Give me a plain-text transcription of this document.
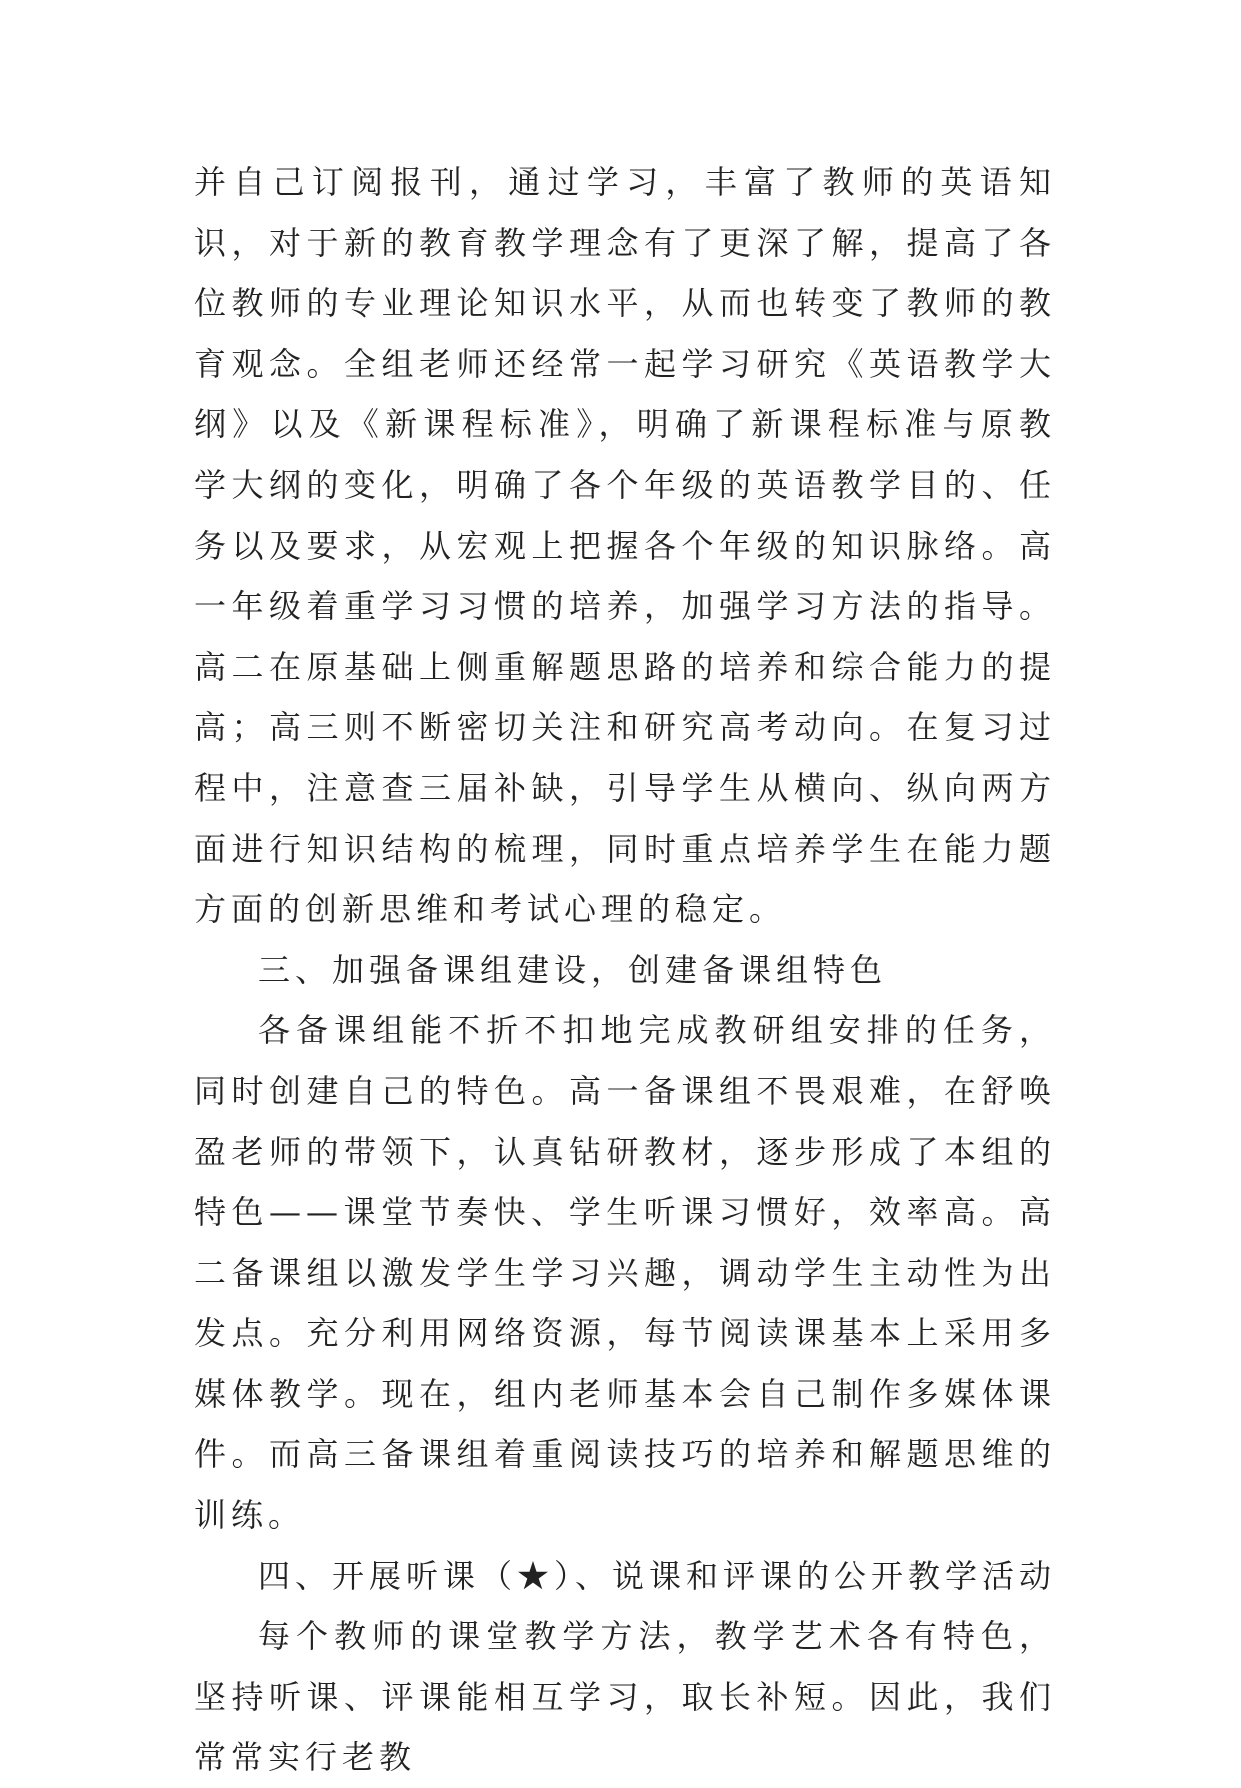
并自己订阅报刊，通过学习，丰富了教师的英语知识，对于新的教育教学理念有了更深了解，提高了各位教师的专业理论知识水平，从而也转变了教师的教育观念。全组老师还经常一起学习研究《英语教学大纲》以及《新课程标准》，明确了新课程标准与原教学大纲的变化，明确了各个年级的英语教学目的、任务以及要求，从宏观上把握各个年级的知识脉络。高一年级着重学习习惯的培养，加强学习方法的指导。高二在原基础上侧重解题思路的培养和综合能力的提高；高三则不断密切关注和研究高考动向。在复习过程中，注意查三届补缺，引导学生从横向、纵向两方面进行知识结构的梳理，同时重点培养学生在能力题方面的创新思维和考试心理的稳定。

三、加强备课组建设，创建备课组特色

各备课组能不折不扣地完成教研组安排的任务，同时创建自己的特色。高一备课组不畏艰难，在舒唤盈老师的带领下，认真钻研教材，逐步形成了本组的特色——课堂节奏快、学生听课习惯好，效率高。高二备课组以激发学生学习兴趣，调动学生主动性为出发点。充分利用网络资源，每节阅读课基本上采用多媒体教学。现在，组内老师基本会自己制作多媒体课件。而高三备课组着重阅读技巧的培养和解题思维的训练。

四、开展听课（★）、说课和评课的公开教学活动

每个教师的课堂教学方法，教学艺术各有特色，坚持听课、评课能相互学习，取长补短。因此，我们常常实行老教
